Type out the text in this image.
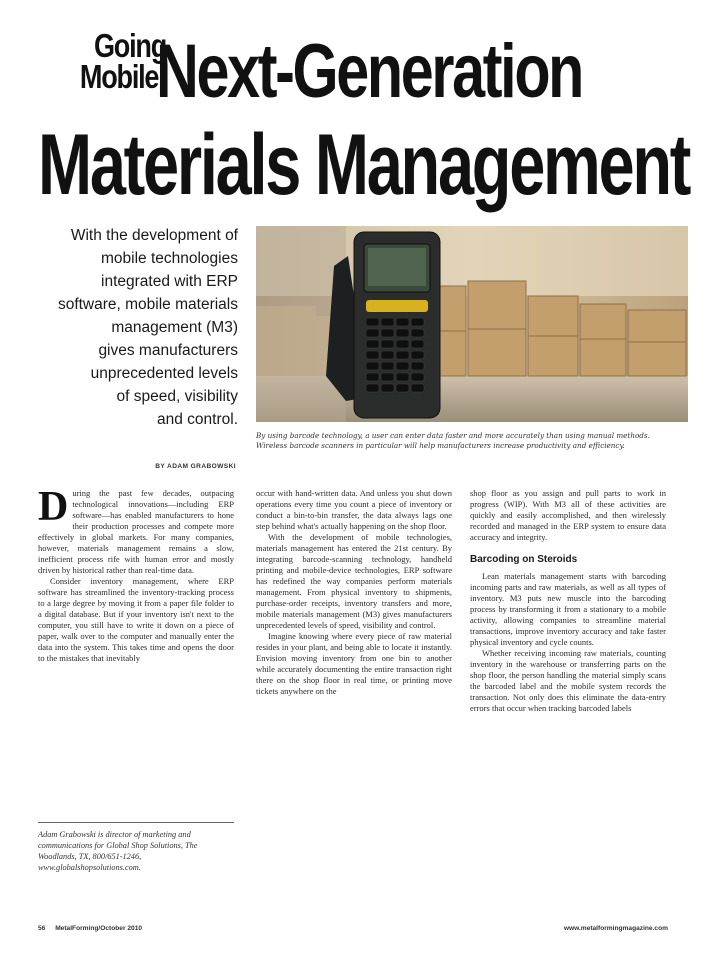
Going
Mobile:
Next-Generation
Materials Management
With the development of
mobile technologies
integrated with ERP
software, mobile materials
management (M3)
gives manufacturers
unprecedented levels
of speed, visibility
and control.
By using barcode technology, a user can enter data faster and more accurately than using manual methods. Wireless barcode scanners in particular will help manufacturers increase productivity and efficiency.
BY ADAM GRABOWSKI

During the past few decades, outpacing technological innovations—including ERP software—has enabled manufacturers to hone their production processes and compete more effectively in global markets. For many companies, however, materials management remains a slow, inefficient process rife with human error and mostly driven by historical rather than real-time data.

Consider inventory management, where ERP software has streamlined the inventory-tracking process to a large degree by moving it from a paper file folder to a digital database. But if your inventory isn't next to the computer, you still have to write it down on a piece of paper, walk over to the computer and manually enter the data into the system. This takes time and opens the door to the mistakes that inevitably

Adam Grabowski is director of marketing and communications for Global Shop Solutions, The Woodlands, TX, 800/651-1246, www.globalshopsolutions.com.

occur with hand-written data. And unless you shut down operations every time you count a piece of inventory or conduct a bin-to-bin transfer, the data always lags one step behind what's actually happening on the shop floor.

With the development of mobile technologies, materials management has entered the 21st century. By integrating barcode-scanning technology, handheld printing and mobile-device technologies, ERP software has redefined the way companies perform materials management. From physical inventory to shipments, purchase-order receipts, inventory transfers and more, mobile materials management (M3) gives manufacturers unprecedented levels of speed, visibility and control.

Imagine knowing where every piece of raw material resides in your plant, and being able to locate it instantly. Envision moving inventory from one bin to another while accurately documenting the entire transaction right there on the shop floor in real time, or printing move tickets anywhere on the

shop floor as you assign and pull parts to work in progress (WIP). With M3 all of these activities are quickly and easily accomplished, and then wirelessly recorded and managed in the ERP system to ensure data accuracy and integrity.

Barcoding on Steroids

Lean materials management starts with barcoding incoming parts and raw materials, as well as all types of inventory. M3 puts new muscle into the barcoding process by transforming it from a stationary to a mobile activity, allowing companies to streamline material transactions, improve inventory accuracy and take faster physical inventory and cycle counts.

Whether receiving incoming raw materials, counting inventory in the warehouse or transferring parts on the shop floor, the person handling the material simply scans the barcoded label and the mobile system records the transaction. Not only does this eliminate the data-entry errors that occur when tracking barcoded labels

56 MetalForming/October 2010	www.metalformingmagazine.com
